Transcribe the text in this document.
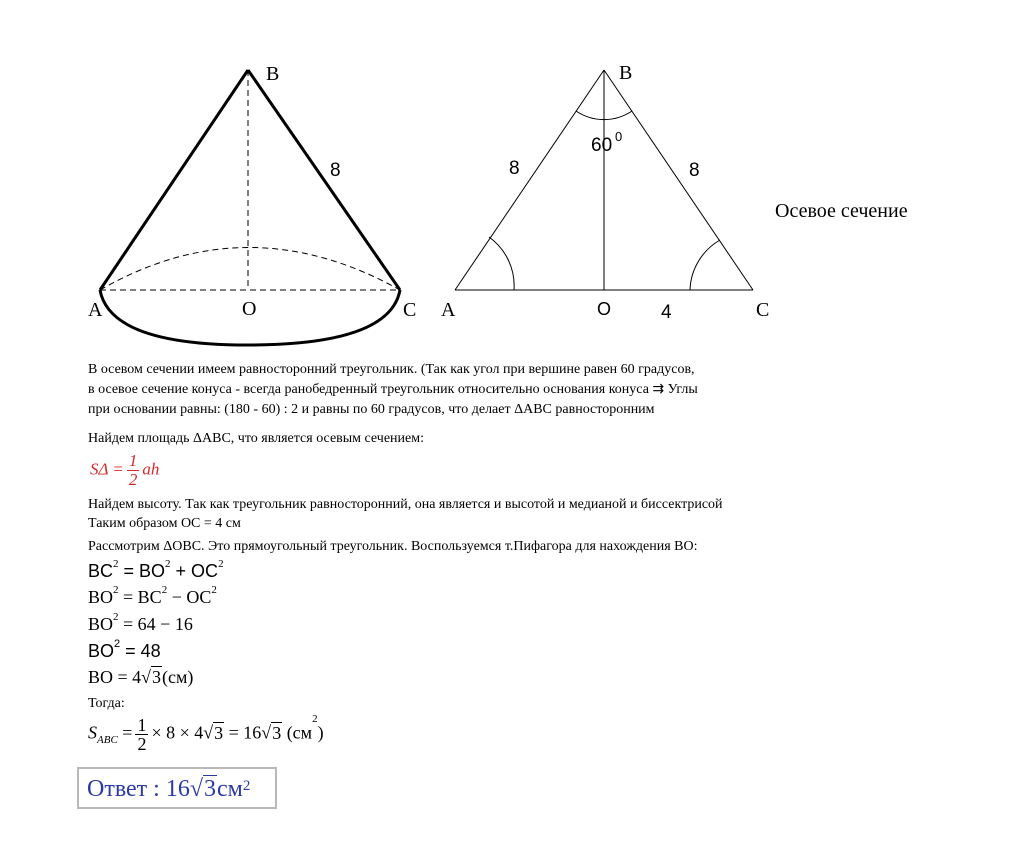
B
A	O	C
8
B
A	O	C
8	8
4
60 0
Осевое сечение
В осевом сечении имеем равносторонний треугольник. (Так как угол при вершине равен 60 градусов,
в осевое сечение конуса - всегда ранобедренный треугольник относительно основания конуса ⇉ Углы
при основании равны: (180 - 60) : 2 и равны по 60 градусов, что делает ΔABC равносторонним
Найдем площадь ΔABC, что является осевым сечением:
$S\Delta = \frac{1}{2}$ ah
Найдем высоту. Так как треугольник равносторонний, она является и высотой и медианой и биссектрисой
Таким образом OC = 4 см
Рассмотрим ΔOBC. Это прямоугольный треугольник. Воспользуемся т.Пифагора для нахождения BO:
$BC^2 = BO^2 + OC^2$
$BO^2 = BC^2 - OC^2$
$BO^2 = 64 - 16$
$BO^2 = 48$
BO = 4√3(см)
Тогда:
$S_{ABC} = \frac{1}{2} \times 8 \times 4√3 = 16√3$ $(см^2)$
Ответ : $16√3см^2$
